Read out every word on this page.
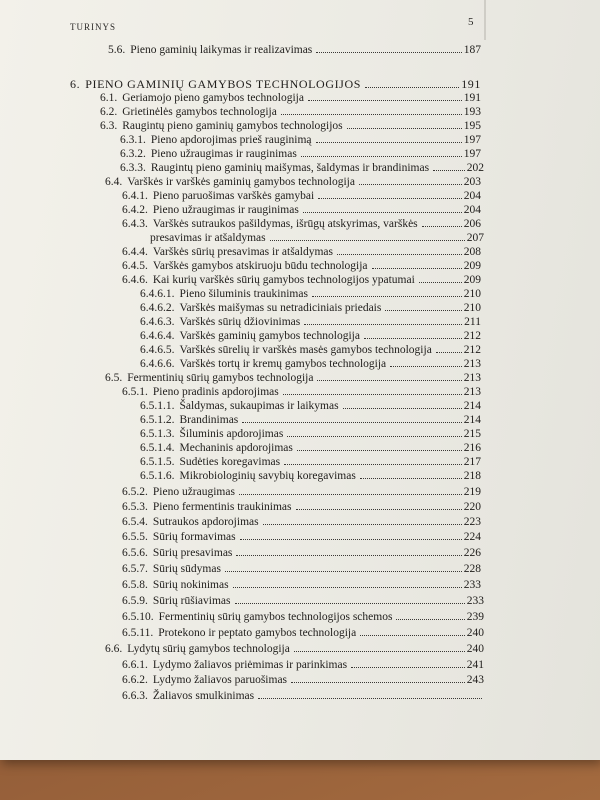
TURINYS	5
5.6. Pieno gaminių laikymas ir realizavimas	187
6. PIENO GAMINIŲ GAMYBOS TECHNOLOGIJOS	191
6.1. Geriamojo pieno gamybos technologija	191
6.2. Grietinėlės gamybos technologija	193
6.3. Raugintų pieno gaminių gamybos technologijos	195
6.3.1. Pieno apdorojimas prieš rauginimą	197
6.3.2. Pieno užraugimas ir rauginimas	197
6.3.3. Raugintų pieno gaminių maišymas, šaldymas ir brandinimas	202
6.4. Varškės ir varškės gaminių gamybos technologija	203
6.4.1. Pieno paruošimas varškės gamybai	204
6.4.2. Pieno užraugimas ir rauginimas	204
6.4.3. Varškės sutraukos pašildymas, išrūgų atskyrimas, varškės	206
presavimas ir atšaldymas	207
6.4.4. Varškės sūrių presavimas ir atšaldymas	208
6.4.5. Varškės gamybos atskiruoju būdu technologija	209
6.4.6. Kai kurių varškės sūrių gamybos technologijos ypatumai	209
6.4.6.1. Pieno šiluminis traukinimas	210
6.4.6.2. Varškės maišymas su netradiciniais priedais	210
6.4.6.3. Varškės sūrių džiovinimas	211
6.4.6.4. Varškės gaminių gamybos technologija	212
6.4.6.5. Varškės sūrelių ir varškės masės gamybos technologija	212
6.4.6.6. Varškės tortų ir kremų gamybos technologija	213
6.5. Fermentinių sūrių gamybos technologija	213
6.5.1. Pieno pradinis apdorojimas	213
6.5.1.1. Šaldymas, sukaupimas ir laikymas	214
6.5.1.2. Brandinimas	214
6.5.1.3. Šiluminis apdorojimas	215
6.5.1.4. Mechaninis apdorojimas	216
6.5.1.5. Sudėties koregavimas	217
6.5.1.6. Mikrobiologinių savybių koregavimas	218
6.5.2. Pieno užraugimas	219
6.5.3. Pieno fermentinis traukinimas	220
6.5.4. Sutraukos apdorojimas	223
6.5.5. Sūrių formavimas	224
6.5.6. Sūrių presavimas	226
6.5.7. Sūrių sūdymas	228
6.5.8. Sūrių nokinimas	233
6.5.9. Sūrių rūšiavimas	233
6.5.10. Fermentinių sūrių gamybos technologijos schemos	239
6.5.11. Protekono ir peptato gamybos technologija	240
6.6. Lydytų sūrių gamybos technologija	240
6.6.1. Lydymo žaliavos priėmimas ir parinkimas	241
6.6.2. Lydymo žaliavos paruošimas	243
6.6.3. Žaliavos smulkinimas
